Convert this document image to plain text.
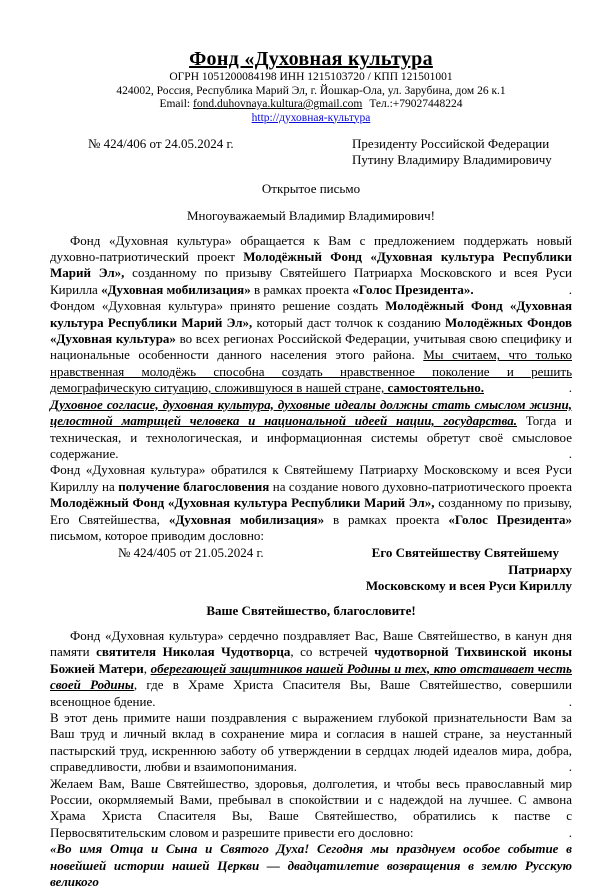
Фонд «Духовная культура
ОГРН 1051200084198 ИНН 1215103720 / КПП 121501001
424002, Россия, Республика Марий Эл, г. Йошкар-Ола, ул. Зарубина, дом 26 к.1
Email: fond.duhovnaya.kultura@gmail.com Тел.:+79027448224
http://духовная-культура
№ 424/406 от 24.05.2024 г.	Президенту Российской Федерации
Путину Владимиру Владимировичу
Открытое письмо
Многоуважаемый Владимир Владимирович!

Фонд «Духовная культура» обращается к Вам с предложением поддержать новый духовно-патриотический проект Молодёжный Фонд «Духовная культура Республики Марий Эл», созданному по призыву Святейшего Патриарха Московского и всея Руси Кирилла «Духовная мобилизация» в рамках проекта «Голос Президента».	.

Фондом «Духовная культура» принято решение создать Молодёжный Фонд «Духовная культура Республики Марий Эл», который даст толчок к созданию Молодёжных Фондов «Духовная культура» во всех регионах Российской Федерации, учитывая свою специфику и национальные особенности данного населения этого района. Мы считаем, что только нравственная молодёжь способна создать нравственное поколение и решить демографическую ситуацию, сложившуюся в нашей стране, самостоятельно.	.

Духовное согласие, духовная культура, духовные идеалы должны стать смыслом жизни, целостной матрицей человека и национальной идеей нации, государства. Тогда и техническая, и технологическая, и информационная системы обретут своё смысловое содержание.	.

Фонд «Духовная культура» обратился к Святейшему Патриарху Московскому и всея Руси Кириллу на получение благословения на создание нового духовно-патриотического проекта Молодёжный Фонд «Духовная культура Республики Марий Эл», созданному по призыву, Его Святейшества, «Духовная мобилизация» в рамках проекта «Голос Президента» письмом, которое приводим дословно:

№ 424/405 от 21.05.2024 г.	Его Святейшеству Святейшему Патриарху
Московскому и всея Руси Кириллу
Ваше Святейшество, благословите!

Фонд «Духовная культура» сердечно поздравляет Вас, Ваше Святейшество, в канун дня памяти святителя Николая Чудотворца, со встречей чудотворной Тихвинской иконы Божией Матери, оберегающей защитников нашей Родины и тех, кто отстаивает честь своей Родины, где в Храме Христа Спасителя Вы, Ваше Святейшество, совершили всенощное бдение.	.

В этот день примите наши поздравления с выражением глубокой признательности Вам за Ваш труд и личный вклад в сохранение мира и согласия в нашей стране, за неустанный пастырский труд, искреннюю заботу об утверждении в сердцах людей идеалов мира, добра, справедливости, любви и взаимопонимания.	.

Желаем Вам, Ваше Святейшество, здоровья, долголетия, и чтобы весь православный мир России, окормляемый Вами, пребывал в спокойствии и с надеждой на лучшее. С амвона Храма Христа Спасителя Вы, Ваше Святейшество, обратились к пастве с Первосвятительским словом и разрешите привести его дословно:	.

«Во имя Отца и Сына и Святого Духа! Сегодня мы празднуем особое событие в новейшей истории нашей Церкви — двадцатилетие возвращения в землю Русскую великого
